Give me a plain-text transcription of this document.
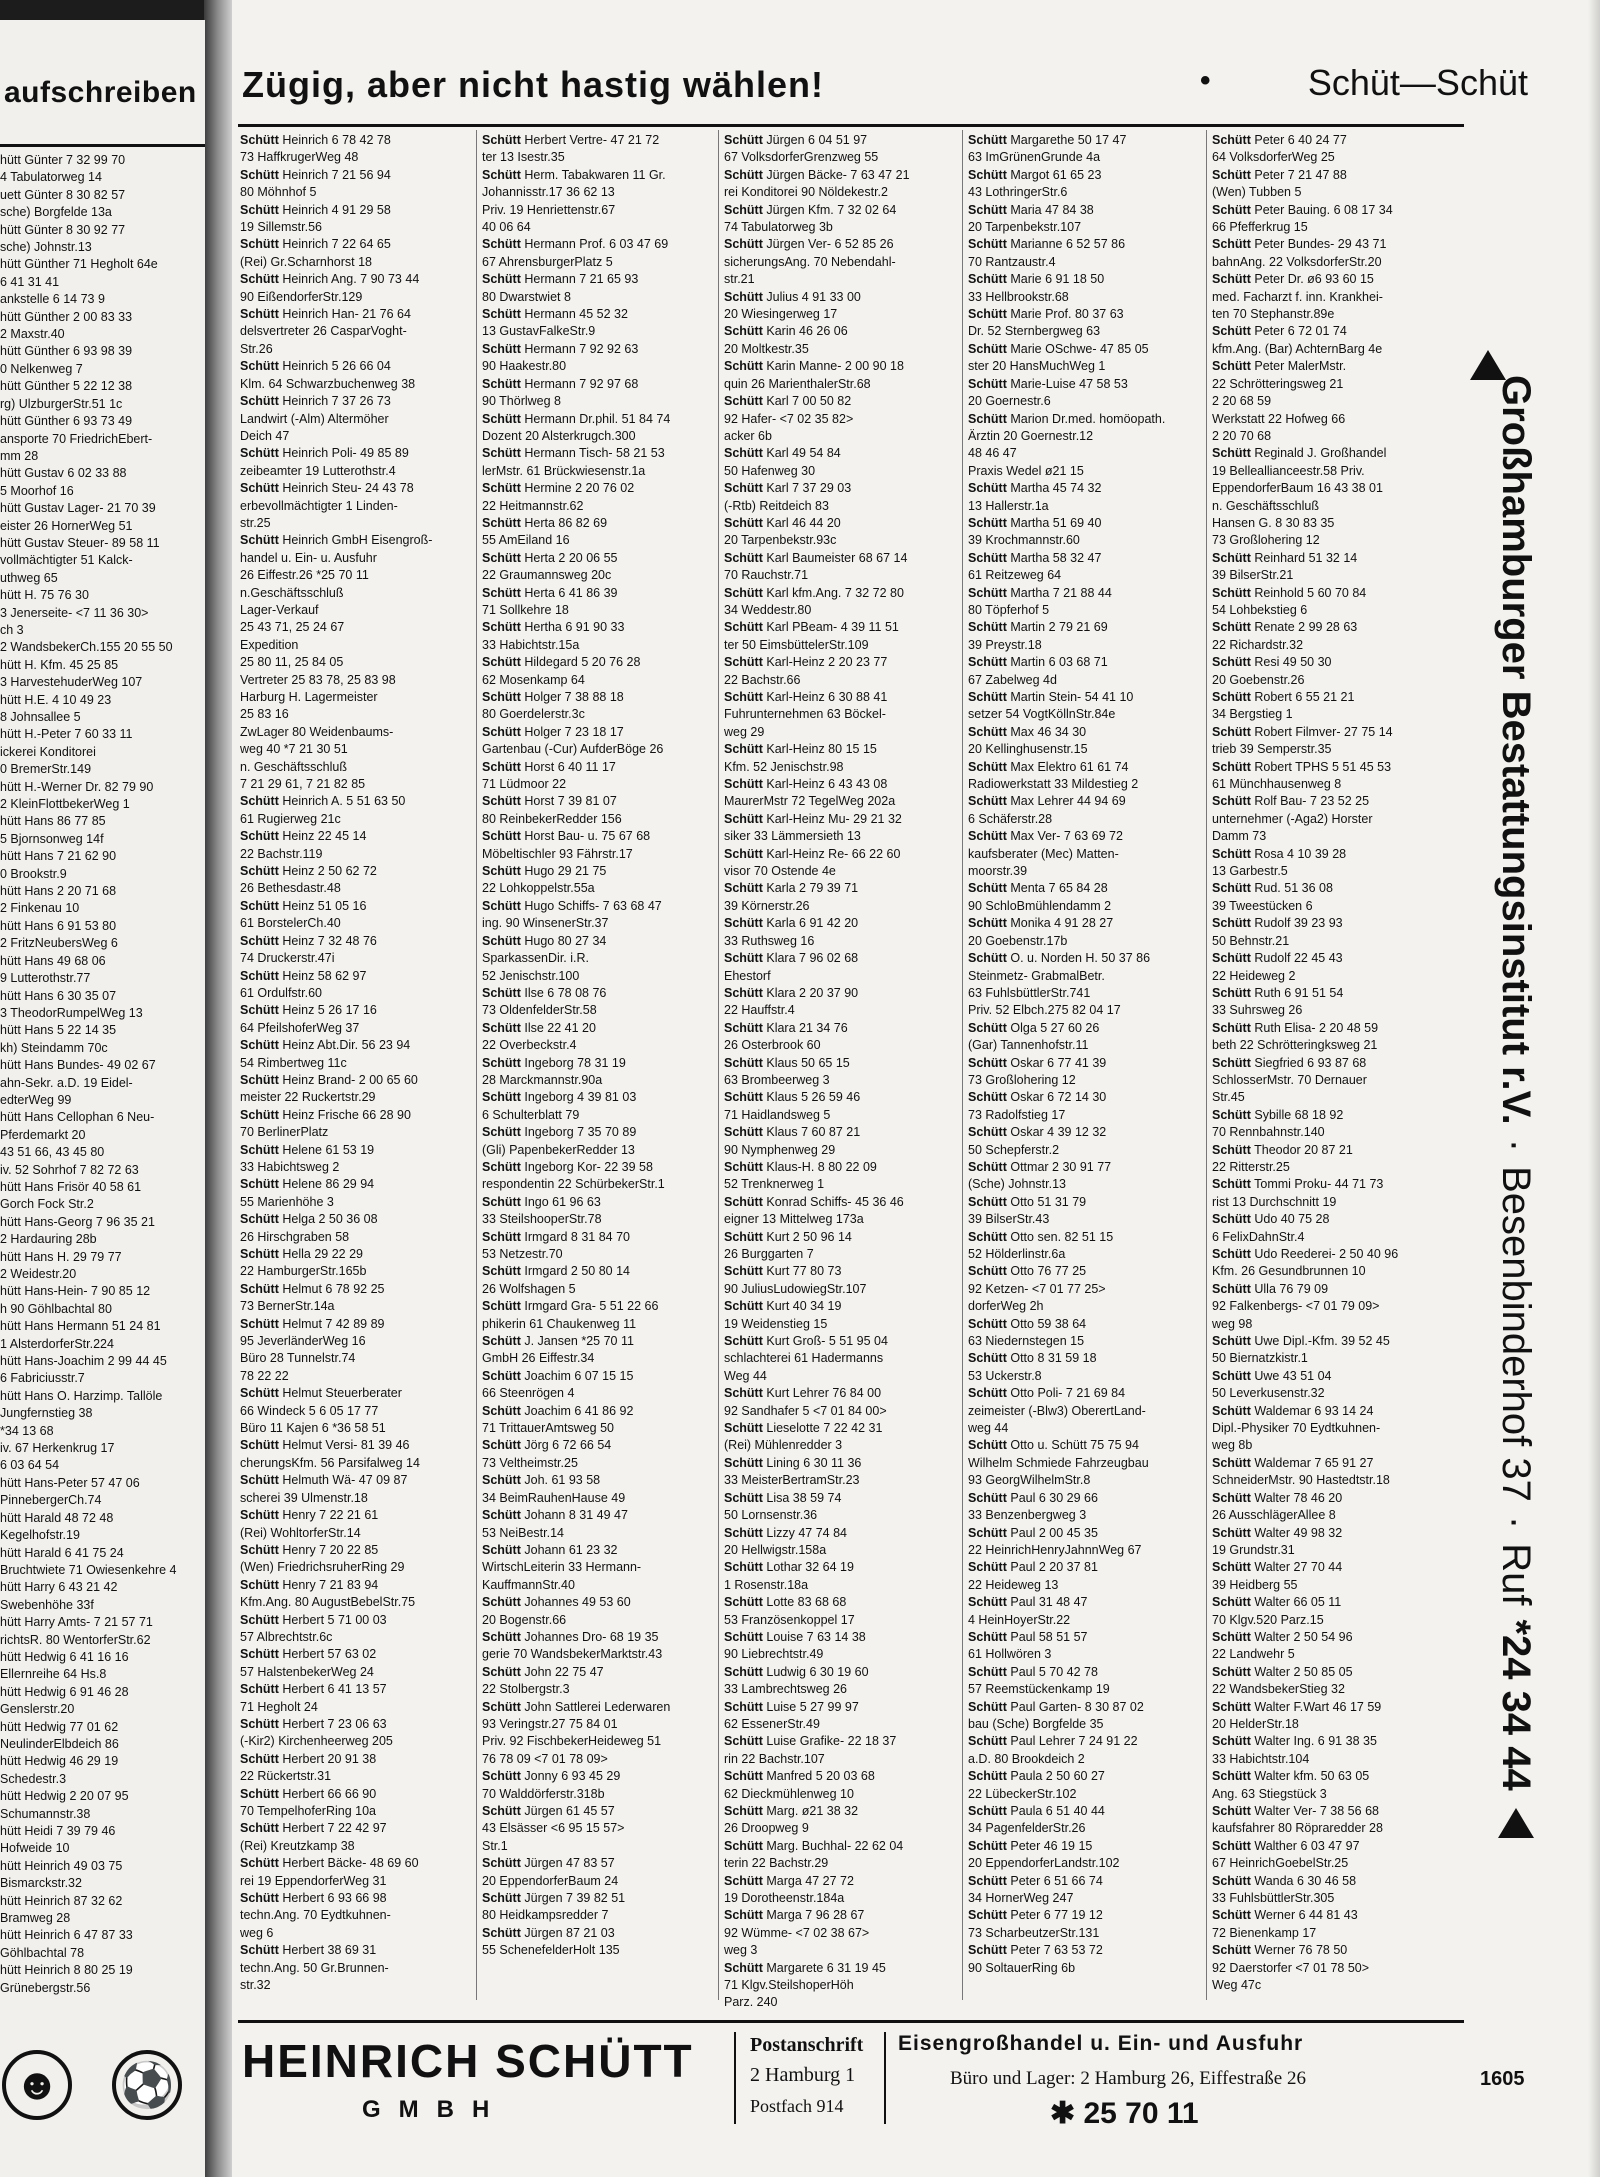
aufschreiben
hütt Günter 7 32 99 70
4 Tabulatorweg 14
uett Günter 8 30 82 57
sche) Borgfelde 13a
hütt Günter 8 30 92 77
sche) Johnstr.13
hütt Günther 71 Hegholt 64e
6 41 31 41
ankstelle 6 14 73 9
hütt Günther 2 00 83 33
2 Maxstr.40
hütt Günther 6 93 98 39
0 Nelkenweg 7
hütt Günther 5 22 12 38
rg) UlzburgerStr.51 1c
hütt Günther 6 93 73 49
ansporte 70 FriedrichEbert-
mm 28
hütt Gustav 6 02 33 88
5 Moorhof 16
hütt Gustav Lager- 21 70 39
eister 26 HornerWeg 51
hütt Gustav Steuer- 89 58 11
vollmächtigter 51 Kalck-
uthweg 65
hütt H. 75 76 30
3 Jenerseite- <7 11 36 30>
ch 3
2 WandsbekerCh.155 20 55 50
hütt H. Kfm. 45 25 85
3 HarvestehuderWeg 107
hütt H.E. 4 10 49 23
8 Johnsallee 5
hütt H.-Peter 7 60 33 11
ickerei Konditorei
0 BremerStr.149
hütt H.-Werner Dr. 82 79 90
2 KleinFlottbekerWeg 1
hütt Hans 86 77 85
5 Bjornsonweg 14f
hütt Hans 7 21 62 90
0 Brookstr.9
hütt Hans 2 20 71 68
2 Finkenau 10
hütt Hans 6 91 53 80
2 FritzNeubersWeg 6
hütt Hans 49 68 06
9 Lutterothstr.77
hütt Hans 6 30 35 07
3 TheodorRumpelWeg 13
hütt Hans 5 22 14 35
kh) Steindamm 70c
hütt Hans Bundes- 49 02 67
ahn-Sekr. a.D. 19 Eidel-
edterWeg 99
hütt Hans Cellophan 6 Neu-
Pferdemarkt 20
43 51 66, 43 45 80
iv. 52 Sohrhof 7 82 72 63
hütt Hans Frisör 40 58 61
Gorch Fock Str.2
hütt Hans-Georg 7 96 35 21
2 Hardauring 28b
hütt Hans H. 29 79 77
2 Weidestr.20
hütt Hans-Hein- 7 90 85 12
h 90 Göhlbachtal 80
hütt Hans Hermann 51 24 81
1 AlsterdorferStr.224
hütt Hans-Joachim 2 99 44 45
6 Fabriciusstr.7
hütt Hans O. Harzimp. Tallöle
Jungfernstieg 38
*34 13 68
iv. 67 Herkenkrug 17
6 03 64 54
hütt Hans-Peter 57 47 06
PinnebergerCh.74
hütt Harald 48 72 48
Kegelhofstr.19
hütt Harald 6 41 75 24
Bruchtwiete 71 Owiesenkehre 4
hütt Harry 6 43 21 42
Swebenhöhe 33f
hütt Harry Amts- 7 21 57 71
richtsR. 80 WentorferStr.62
hütt Hedwig 6 41 16 16
Ellernreihe 64 Hs.8
hütt Hedwig 6 91 46 28
Genslerstr.20
hütt Hedwig 77 01 62
NeulinderElbdeich 86
hütt Hedwig 46 29 19
Schedestr.3
hütt Hedwig 2 20 07 95
Schumannstr.38
hütt Heidi 7 39 79 46
Hofweide 10
hütt Heinrich 49 03 75
Bismarckstr.32
hütt Heinrich 87 32 62
Bramweg 28
hütt Heinrich 6 47 87 33
Göhlbachtal 78
hütt Heinrich 8 80 25 19
Grünebergstr.56
☻ ⚽
Zügig, aber nicht hastig wählen!	•	Schüt—Schüt
Schütt Heinrich 6 78 42 78
73 HaffkrugerWeg 48
Schütt Heinrich 7 21 56 94
80 Möhnhof 5
Schütt Heinrich 4 91 29 58
19 Sillemstr.56
Schütt Heinrich 7 22 64 65
(Rei) Gr.Scharnhorst 18
Schütt Heinrich Ang. 7 90 73 44
90 EißendorferStr.129
Schütt Heinrich Han- 21 76 64
delsvertreter 26 CasparVoght-
Str.26
Schütt Heinrich 5 26 66 04
Klm. 64 Schwarzbuchenweg 38
Schütt Heinrich 7 37 26 73
Landwirt (-Alm) Altermöher
Deich 47
Schütt Heinrich Poli- 49 85 89
zeibeamter 19 Lutterothstr.4
Schütt Heinrich Steu- 24 43 78
erbevollmächtigter 1 Linden-
str.25
Schütt Heinrich GmbH Eisengroß-
handel u. Ein- u. Ausfuhr
26 Eiffestr.26 *25 70 11
n.Geschäftsschluß
Lager-Verkauf
25 43 71, 25 24 67
Expedition
25 80 11, 25 84 05
Vertreter 25 83 78, 25 83 98
Harburg H. Lagermeister
25 83 16
ZwLager 80 Weidenbaums-
weg 40 *7 21 30 51
n. Geschäftsschluß
7 21 29 61, 7 21 82 85
Schütt Heinrich A. 5 51 63 50
61 Rugierweg 21c
Schütt Heinz 22 45 14
22 Bachstr.119
Schütt Heinz 2 50 62 72
26 Bethesdastr.48
Schütt Heinz 51 05 16
61 BorstelerCh.40
Schütt Heinz 7 32 48 76
74 Druckerstr.47i
Schütt Heinz 58 62 97
61 Ordulfstr.60
Schütt Heinz 5 26 17 16
64 PfeilshoferWeg 37
Schütt Heinz Abt.Dir. 56 23 94
54 Rimbertweg 11c
Schütt Heinz Brand- 2 00 65 60
meister 22 Ruckertstr.29
Schütt Heinz Frische 66 28 90
70 BerlinerPlatz
Schütt Helene 61 53 19
33 Habichtsweg 2
Schütt Helene 86 29 94
55 Marienhöhe 3
Schütt Helga 2 50 36 08
26 Hirschgraben 58
Schütt Hella 29 22 29
22 HamburgerStr.165b
Schütt Helmut 6 78 92 25
73 BernerStr.14a
Schütt Helmut 7 42 89 89
95 JeverländerWeg 16
Büro 28 Tunnelstr.74
78 22 22
Schütt Helmut Steuerberater
66 Windeck 5 6 05 17 77
Büro 11 Kajen 6 *36 58 51
Schütt Helmut Versi- 81 39 46
cherungsKfm. 56 Parsifalweg 14
Schütt Helmuth Wä- 47 09 87
scherei 39 Ulmenstr.18
Schütt Henry 7 22 21 61
(Rei) WohltorferStr.14
Schütt Henry 7 20 22 85
(Wen) FriedrichsruherRing 29
Schütt Henry 7 21 83 94
Kfm.Ang. 80 AugustBebelStr.75
Schütt Herbert 5 71 00 03
57 Albrechtstr.6c
Schütt Herbert 57 63 02
57 HalstenbekerWeg 24
Schütt Herbert 6 41 13 57
71 Hegholt 24
Schütt Herbert 7 23 06 63
(-Kir2) Kirchenheerweg 205
Schütt Herbert 20 91 38
22 Rückertstr.31
Schütt Herbert 66 66 90
70 TempelhoferRing 10a
Schütt Herbert 7 22 42 97
(Rei) Kreutzkamp 38
Schütt Herbert Bäcke- 48 69 60
rei 19 EppendorferWeg 31
Schütt Herbert 6 93 66 98
techn.Ang. 70 Eydtkuhnen-
weg 6
Schütt Herbert 38 69 31
techn.Ang. 50 Gr.Brunnen-
str.32
Schütt Herbert Vertre- 47 21 72
ter 13 Isestr.35
Schütt Herm. Tabakwaren 11 Gr.
Johannisstr.17 36 62 13
Priv. 19 Henriettenstr.67
40 06 64
Schütt Hermann Prof. 6 03 47 69
67 AhrensburgerPlatz 5
Schütt Hermann 7 21 65 93
80 Dwarstwiet 8
Schütt Hermann 45 52 32
13 GustavFalkeStr.9
Schütt Hermann 7 92 92 63
90 Haakestr.80
Schütt Hermann 7 92 97 68
90 Thörlweg 8
Schütt Hermann Dr.phil. 51 84 74
Dozent 20 Alsterkrugch.300
Schütt Hermann Tisch- 58 21 53
lerMstr. 61 Brückwiesenstr.1a
Schütt Hermine 2 20 76 02
22 Heitmannstr.62
Schütt Herta 86 82 69
55 AmEiland 16
Schütt Herta 2 20 06 55
22 Graumannsweg 20c
Schütt Herta 6 41 86 39
71 Sollkehre 18
Schütt Hertha 6 91 90 33
33 Habichtstr.15a
Schütt Hildegard 5 20 76 28
62 Mosenkamp 64
Schütt Holger 7 38 88 18
80 Goerdelerstr.3c
Schütt Holger 7 23 18 17
Gartenbau (-Cur) AufderBöge 26
Schütt Horst 6 40 11 17
71 Lüdmoor 22
Schütt Horst 7 39 81 07
80 ReinbekerRedder 156
Schütt Horst Bau- u. 75 67 68
Möbeltischler 93 Fährstr.17
Schütt Hugo 29 21 75
22 Lohkoppelstr.55a
Schütt Hugo Schiffs- 7 63 68 47
ing. 90 WinsenerStr.37
Schütt Hugo 80 27 34
SparkassenDir. i.R.
52 Jenischstr.100
Schütt Ilse 6 78 08 76
73 OldenfelderStr.58
Schütt Ilse 22 41 20
22 Overbeckstr.4
Schütt Ingeborg 78 31 19
28 Marckmannstr.90a
Schütt Ingeborg 4 39 81 03
6 Schulterblatt 79
Schütt Ingeborg 7 35 70 89
(Gli) PapenbekerRedder 13
Schütt Ingeborg Kor- 22 39 58
respondentin 22 SchürbekerStr.1
Schütt Ingo 61 96 63
33 SteilshooperStr.78
Schütt Irmgard 8 31 84 70
53 Netzestr.70
Schütt Irmgard 2 50 80 14
26 Wolfshagen 5
Schütt Irmgard Gra- 5 51 22 66
phikerin 61 Chaukenweg 11
Schütt J. Jansen *25 70 11
GmbH 26 Eiffestr.34
Schütt Joachim 6 07 15 15
66 Steenrögen 4
Schütt Joachim 6 41 86 92
71 TrittauerAmtsweg 50
Schütt Jörg 6 72 66 54
73 Veltheimstr.25
Schütt Joh. 61 93 58
34 BeimRauhenHause 49
Schütt Johann 8 31 49 47
53 NeiBestr.14
Schütt Johann 61 23 32
WirtschLeiterin 33 Hermann-
KauffmannStr.40
Schütt Johannes 49 53 60
20 Bogenstr.66
Schütt Johannes Dro- 68 19 35
gerie 70 WandsbekerMarktstr.43
Schütt John 22 75 47
22 Stolbergstr.3
Schütt John Sattlerei Lederwaren
93 Veringstr.27 75 84 01
Priv. 92 FischbekerHeideweg 51
76 78 09 <7 01 78 09>
Schütt Jonny 6 93 45 29
70 Walddörferstr.318b
Schütt Jürgen 61 45 57
43 Elsässer <6 95 15 57>
Str.1
Schütt Jürgen 47 83 57
20 EppendorferBaum 24
Schütt Jürgen 7 39 82 51
80 Heidkampsredder 7
Schütt Jürgen 87 21 03
55 SchenefelderHolt 135
Schütt Jürgen 6 04 51 97
67 VolksdorferGrenzweg 55
Schütt Jürgen Bäcke- 7 63 47 21
rei Konditorei 90 Nöldekestr.2
Schütt Jürgen Kfm. 7 32 02 64
74 Tabulatorweg 3b
Schütt Jürgen Ver- 6 52 85 26
sicherungsAng. 70 Nebendahl-
str.21
Schütt Julius 4 91 33 00
20 Wiesingerweg 17
Schütt Karin 46 26 06
20 Moltkestr.35
Schütt Karin Manne- 2 00 90 18
quin 26 MarienthalerStr.68
Schütt Karl 7 00 50 82
92 Hafer- <7 02 35 82>
acker 6b
Schütt Karl 49 54 84
50 Hafenweg 30
Schütt Karl 7 37 29 03
(-Rtb) Reitdeich 83
Schütt Karl 46 44 20
20 Tarpenbekstr.93c
Schütt Karl Baumeister 68 67 14
70 Rauchstr.71
Schütt Karl kfm.Ang. 7 32 72 80
34 Weddestr.80
Schütt Karl PBeam- 4 39 11 51
ter 50 EimsbüttelerStr.109
Schütt Karl-Heinz 2 20 23 77
22 Bachstr.66
Schütt Karl-Heinz 6 30 88 41
Fuhrunternehmen 63 Böckel-
weg 29
Schütt Karl-Heinz 80 15 15
Kfm. 52 Jenischstr.98
Schütt Karl-Heinz 6 43 43 08
MaurerMstr 72 TegelWeg 202a
Schütt Karl-Heinz Mu- 29 21 32
siker 33 Lämmersieth 13
Schütt Karl-Heinz Re- 66 22 60
visor 70 Ostende 4e
Schütt Karla 2 79 39 71
39 Körnerstr.26
Schütt Karla 6 91 42 20
33 Ruthsweg 16
Schütt Klara 7 96 02 68
Ehestorf
Schütt Klara 2 20 37 90
22 Hauffstr.4
Schütt Klara 21 34 76
26 Osterbrook 60
Schütt Klaus 50 65 15
63 Brombeerweg 3
Schütt Klaus 5 26 59 46
71 Haidlandsweg 5
Schütt Klaus 7 60 87 21
90 Nymphenweg 29
Schütt Klaus-H. 8 80 22 09
52 Trenknerweg 1
Schütt Konrad Schiffs- 45 36 46
eigner 13 Mittelweg 173a
Schütt Kurt 2 50 96 14
26 Burggarten 7
Schütt Kurt 77 80 73
90 JuliusLudowiegStr.107
Schütt Kurt 40 34 19
19 Weidenstieg 15
Schütt Kurt Groß- 5 51 95 04
schlachterei 61 Hadermanns
Weg 44
Schütt Kurt Lehrer 76 84 00
92 Sandhafer 5 <7 01 84 00>
Schütt Lieselotte 7 22 42 31
(Rei) Mühlenredder 3
Schütt Lining 6 30 11 36
33 MeisterBertramStr.23
Schütt Lisa 38 59 74
50 Lornsenstr.36
Schütt Lizzy 47 74 84
20 Hellwigstr.158a
Schütt Lothar 32 64 19
1 Rosenstr.18a
Schütt Lotte 83 68 68
53 Französenkoppel 17
Schütt Louise 7 63 14 38
90 Liebrechtstr.49
Schütt Ludwig 6 30 19 60
33 Lambrechtsweg 26
Schütt Luise 5 27 99 97
62 EssenerStr.49
Schütt Luise Grafike- 22 18 37
rin 22 Bachstr.107
Schütt Manfred 5 20 03 68
62 Dieckmühlenweg 10
Schütt Marg. ø21 38 32
26 Droopweg 9
Schütt Marg. Buchhal- 22 62 04
terin 22 Bachstr.29
Schütt Marga 47 27 72
19 Dorotheenstr.184a
Schütt Marga 7 96 28 67
92 Wümme- <7 02 38 67>
weg 3
Schütt Margarete 6 31 19 45
71 Klgv.SteilshoperHöh
Parz. 240
Schütt Margarethe 50 17 47
63 ImGrünenGrunde 4a
Schütt Margot 61 65 23
43 LothringerStr.6
Schütt Maria 47 84 38
20 Tarpenbekstr.107
Schütt Marianne 6 52 57 86
70 Rantzaustr.4
Schütt Marie 6 91 18 50
33 Hellbrookstr.68
Schütt Marie Prof. 80 37 63
Dr. 52 Sternbergweg 63
Schütt Marie OSchwe- 47 85 05
ster 20 HansMuchWeg 1
Schütt Marie-Luise 47 58 53
20 Goernestr.6
Schütt Marion Dr.med. homöopath.
Ärztin 20 Goernestr.12
48 46 47
Praxis Wedel ø21 15
Schütt Martha 45 74 32
13 Hallerstr.1a
Schütt Martha 51 69 40
39 Krochmannstr.60
Schütt Martha 58 32 47
61 Reitzeweg 64
Schütt Martha 7 21 88 44
80 Töpferhof 5
Schütt Martin 2 79 21 69
39 Preystr.18
Schütt Martin 6 03 68 71
67 Zabelweg 4d
Schütt Martin Stein- 54 41 10
setzer 54 VogtKöllnStr.84e
Schütt Max 46 34 30
20 Kellinghusenstr.15
Schütt Max Elektro 61 61 74
Radiowerkstatt 33 Mildestieg 2
Schütt Max Lehrer 44 94 69
6 Schäferstr.28
Schütt Max Ver- 7 63 69 72
kaufsberater (Mec) Matten-
moorstr.39
Schütt Menta 7 65 84 28
90 SchloBmühlendamm 2
Schütt Monika 4 91 28 27
20 Goebenstr.17b
Schütt O. u. Norden H. 50 37 86
Steinmetz- GrabmalBetr.
63 FuhlsbüttlerStr.741
Priv. 52 Elbch.275 82 04 17
Schütt Olga 5 27 60 26
(Gar) Tannenhofstr.11
Schütt Oskar 6 77 41 39
73 Großlohering 12
Schütt Oskar 6 72 14 30
73 Radolfstieg 17
Schütt Oskar 4 39 12 32
50 Schepferstr.2
Schütt Ottmar 2 30 91 77
(Sche) Johnstr.13
Schütt Otto 51 31 79
39 BilserStr.43
Schütt Otto sen. 82 51 15
52 Hölderlinstr.6a
Schütt Otto 76 77 25
92 Ketzen- <7 01 77 25>
dorferWeg 2h
Schütt Otto 59 38 64
63 Niedernstegen 15
Schütt Otto 8 31 59 18
53 Uckerstr.8
Schütt Otto Poli- 7 21 69 84
zeimeister (-Blw3) OberertLand-
weg 44
Schütt Otto u. Schütt 75 75 94
Wilhelm Schmiede Fahrzeugbau
93 GeorgWilhelmStr.8
Schütt Paul 6 30 29 66
33 Benzenbergweg 3
Schütt Paul 2 00 45 35
22 HeinrichHenryJahnnWeg 67
Schütt Paul 2 20 37 81
22 Heideweg 13
Schütt Paul 31 48 47
4 HeinHoyerStr.22
Schütt Paul 58 51 57
61 Hollwören 3
Schütt Paul 5 70 42 78
57 Reemstückenkamp 19
Schütt Paul Garten- 8 30 87 02
bau (Sche) Borgfelde 35
Schütt Paul Lehrer 7 24 91 22
a.D. 80 Brookdeich 2
Schütt Paula 2 50 60 27
22 LübeckerStr.102
Schütt Paula 6 51 40 44
34 PagenfelderStr.26
Schütt Peter 46 19 15
20 EppendorferLandstr.102
Schütt Peter 6 51 66 74
34 HornerWeg 247
Schütt Peter 6 77 19 12
73 ScharbeutzerStr.131
Schütt Peter 7 63 53 72
90 SoltauerRing 6b
Schütt Peter 6 40 24 77
64 VolksdorferWeg 25
Schütt Peter 7 21 47 88
(Wen) Tubben 5
Schütt Peter Bauing. 6 08 17 34
66 Pfefferkrug 15
Schütt Peter Bundes- 29 43 71
bahnAng. 22 VolksdorferStr.20
Schütt Peter Dr. ø6 93 60 15
med. Facharzt f. inn. Krankhei-
ten 70 Stephanstr.89e
Schütt Peter 6 72 01 74
kfm.Ang. (Bar) AchternBarg 4e
Schütt Peter MalerMstr.
22 Schrötteringsweg 21
2 20 68 59
Werkstatt 22 Hofweg 66
2 20 70 68
Schütt Reginald J. Großhandel
19 Belleallianceestr.58 Priv.
EppendorferBaum 16 43 38 01
n. Geschäftsschluß
Hansen G. 8 30 83 35
73 Großlohering 12
Schütt Reinhard 51 32 14
39 BilserStr.21
Schütt Reinhold 5 60 70 84
54 Lohbekstieg 6
Schütt Renate 2 99 28 63
22 Richardstr.32
Schütt Resi 49 50 30
20 Goebenstr.26
Schütt Robert 6 55 21 21
34 Bergstieg 1
Schütt Robert Filmver- 27 75 14
trieb 39 Semperstr.35
Schütt Robert TPHS 5 51 45 53
61 Münchhausenweg 8
Schütt Rolf Bau- 7 23 52 25
unternehmer (-Aga2) Horster
Damm 73
Schütt Rosa 4 10 39 28
13 Garbestr.5
Schütt Rud. 51 36 08
39 Tweestücken 6
Schütt Rudolf 39 23 93
50 Behnstr.21
Schütt Rudolf 22 45 43
22 Heideweg 2
Schütt Ruth 6 91 51 54
33 Suhrsweg 26
Schütt Ruth Elisa- 2 20 48 59
beth 22 Schrötteringksweg 21
Schütt Siegfried 6 93 87 68
SchlosserMstr. 70 Dernauer
Str.45
Schütt Sybille 68 18 92
70 Rennbahnstr.140
Schütt Theodor 20 87 21
22 Ritterstr.25
Schütt Tommi Proku- 44 71 73
rist 13 Durchschnitt 19
Schütt Udo 40 75 28
6 FelixDahnStr.4
Schütt Udo Reederei- 2 50 40 96
Kfm. 26 Gesundbrunnen 10
Schütt Ulla 76 79 09
92 Falkenbergs- <7 01 79 09>
weg 98
Schütt Uwe Dipl.-Kfm. 39 52 45
50 Biernatzkistr.1
Schütt Uwe 43 51 04
50 Leverkusenstr.32
Schütt Waldemar 6 93 14 24
Dipl.-Physiker 70 Eydtkuhnen-
weg 8b
Schütt Waldemar 7 65 91 27
SchneiderMstr. 90 Hastedtstr.18
Schütt Walter 78 46 20
26 AusschlägerAllee 8
Schütt Walter 49 98 32
19 Grundstr.31
Schütt Walter 27 70 44
39 Heidberg 55
Schütt Walter 66 05 11
70 Klgv.520 Parz.15
Schütt Walter 2 50 54 96
22 Landwehr 5
Schütt Walter 2 50 85 05
22 WandsbekerStieg 32
Schütt Walter F.Wart 46 17 59
20 HelderStr.18
Schütt Walter Ing. 6 91 38 35
33 Habichtstr.104
Schütt Walter kfm. 50 63 05
Ang. 63 Stiegstück 3
Schütt Walter Ver- 7 38 56 68
kaufsfahrer 80 Röpraredder 28
Schütt Walther 6 03 47 97
67 HeinrichGoebelStr.25
Schütt Wanda 6 30 46 58
33 FuhlsbüttlerStr.305
Schütt Werner 6 44 81 43
72 Bienenkamp 17
Schütt Werner 76 78 50
92 Daerstorfer <7 01 78 50>
Weg 47c
Großhamburger Bestattungsinstitut r.V.
·
Besenbinderhof 37
·
Ruf
*24 34 44
HEINRICH SCHÜTT
GMBH
Postanschrift
2 Hamburg 1
Postfach 914
Eisengroßhandel u. Ein- und Ausfuhr
Büro und Lager: 2 Hamburg 26, Eiffestraße 26
✱ 25 70 11
1605
